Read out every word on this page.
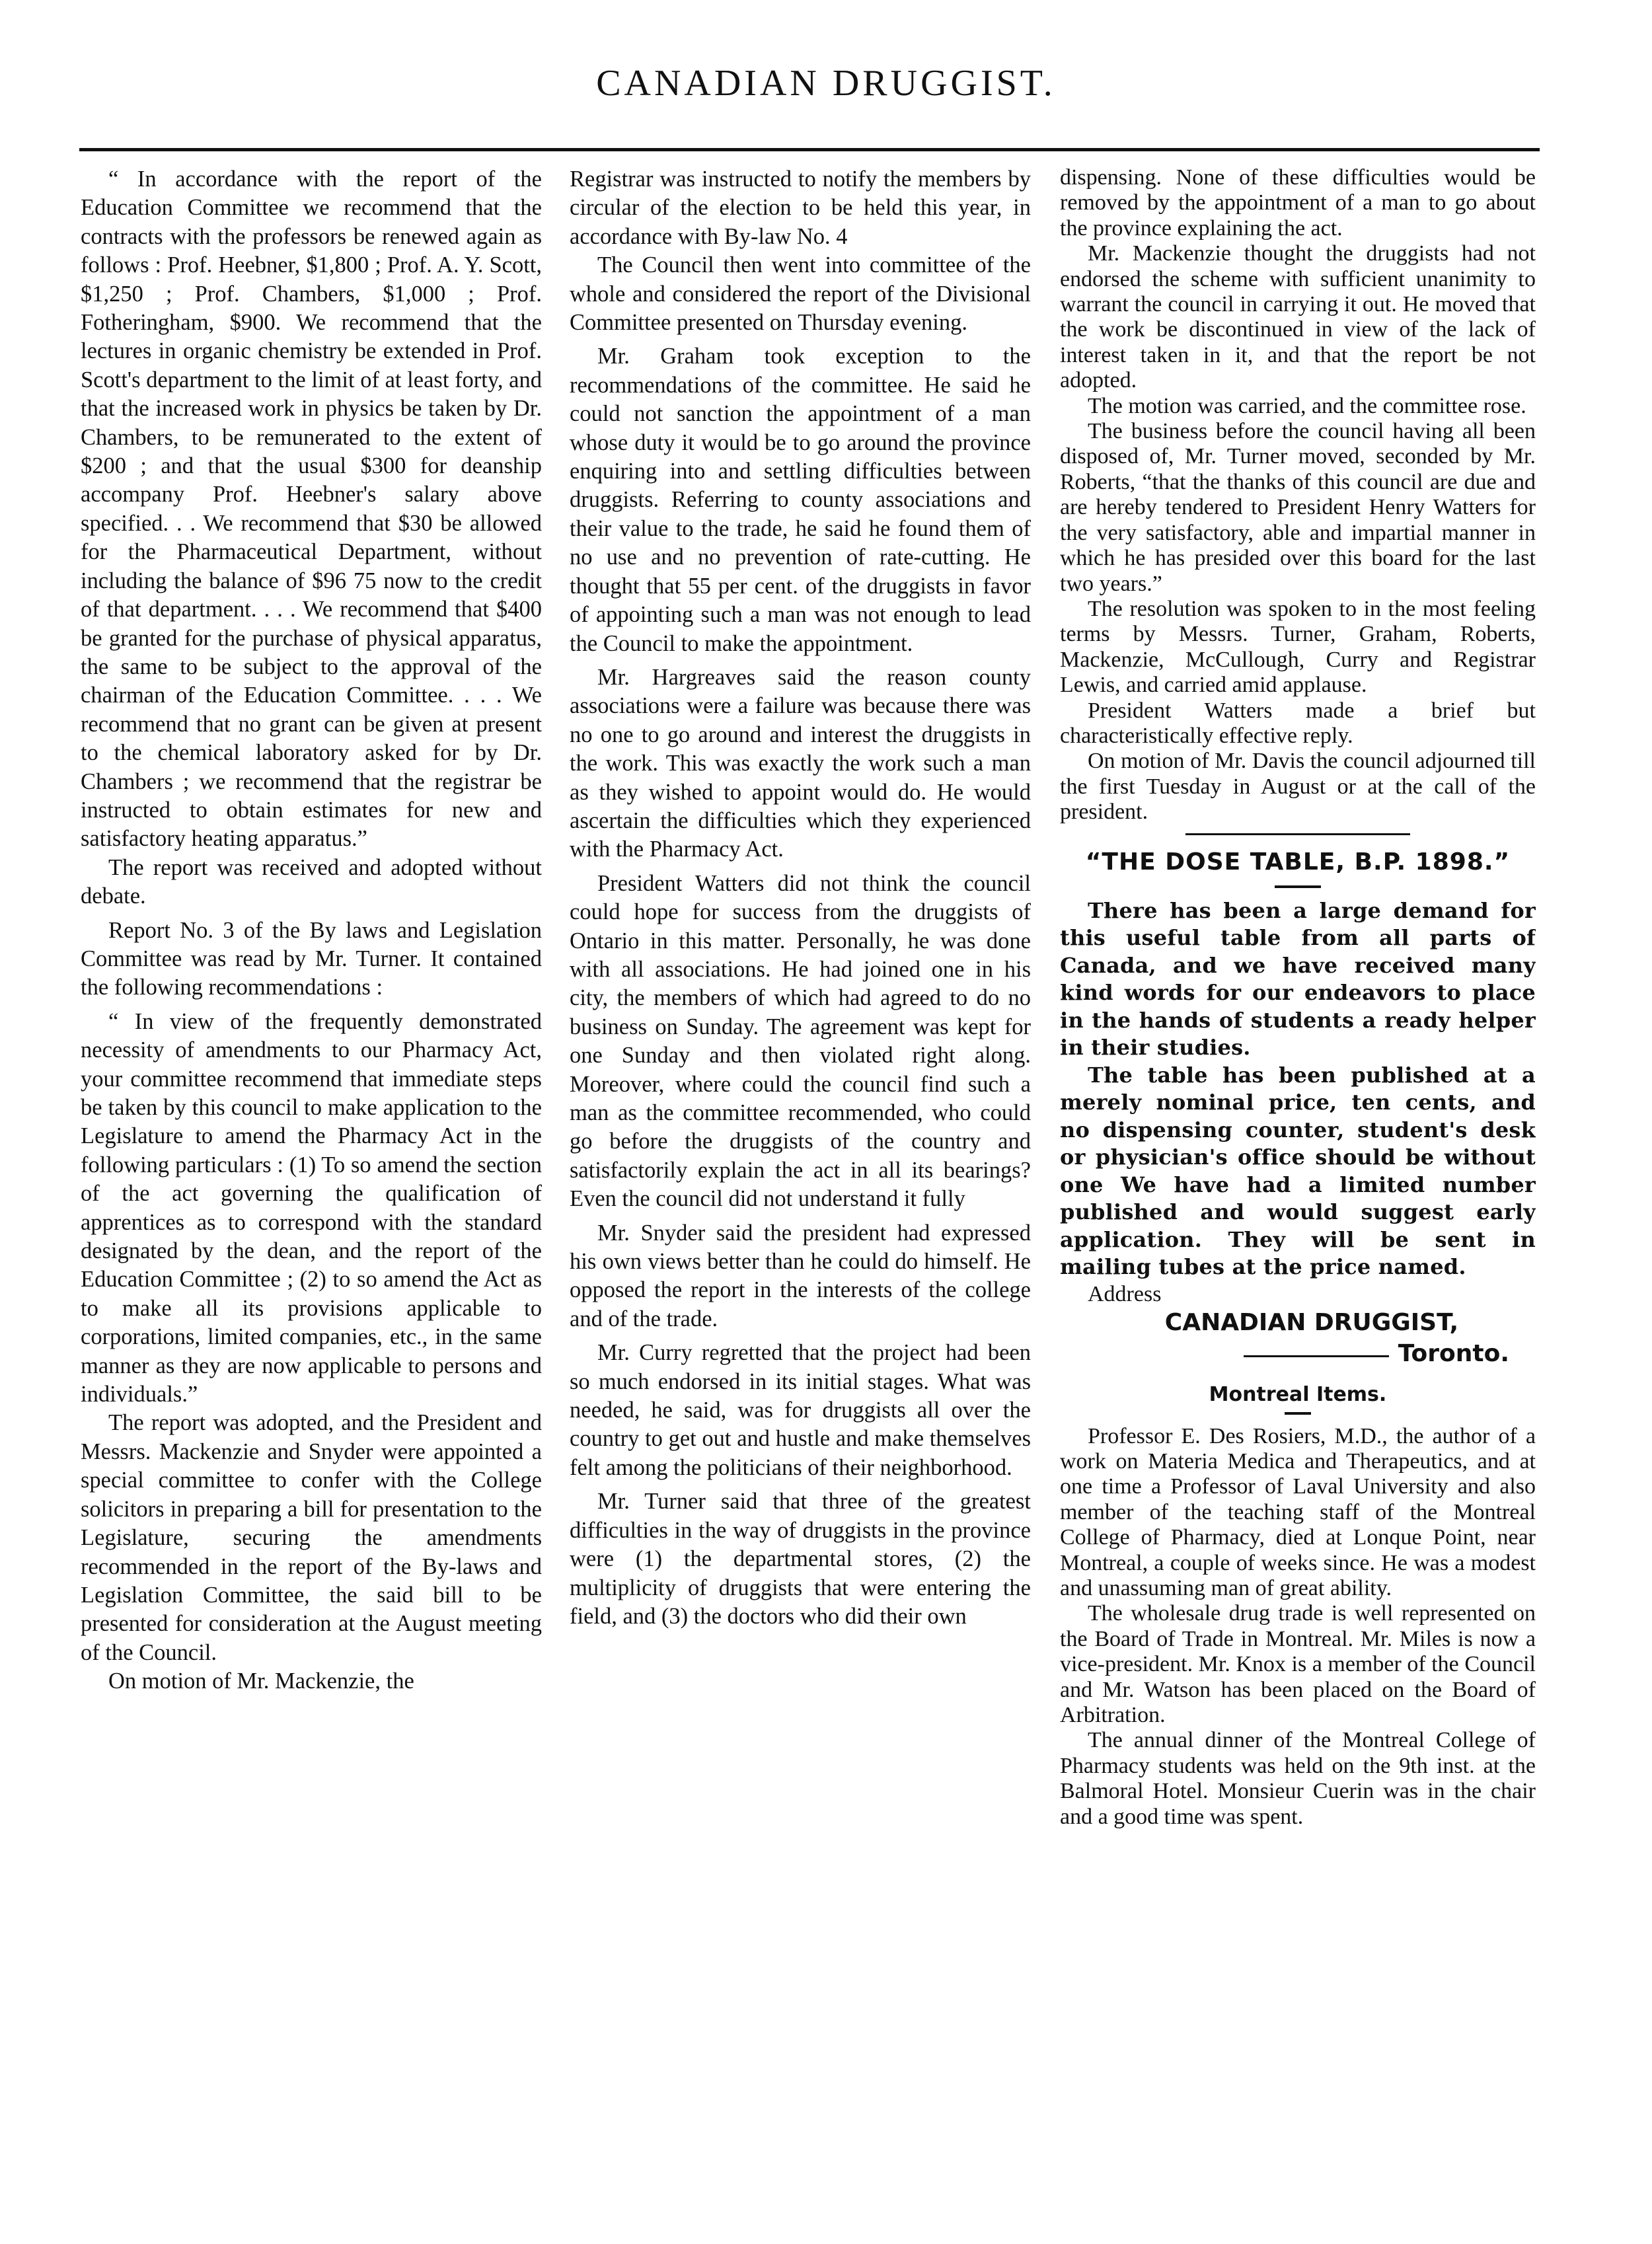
CANADIAN DRUGGIST.

“ In accordance with the report of the Education Committee we recommend that the contracts with the professors be renewed again as follows : Prof. Heebner, $1,800 ; Prof. A. Y. Scott, $1,250 ; Prof. Chambers, $1,000 ; Prof. Fotheringham, $900. We recommend that the lectures in organic chemistry be extended in Prof. Scott's department to the limit of at least forty, and that the increased work in physics be taken by Dr. Chambers, to be remunerated to the extent of $200 ; and that the usual $300 for deanship accompany Prof. Heebner's salary above specified. . . We recommend that $30 be allowed for the Pharmaceutical Department, without including the balance of $96 75 now to the credit of that department. . . . We recommend that $400 be granted for the purchase of physical apparatus, the same to be subject to the approval of the chairman of the Education Committee. . . . We recommend that no grant can be given at present to the chemical laboratory asked for by Dr. Chambers ; we recommend that the registrar be instructed to obtain estimates for new and satisfactory heating apparatus.”

The report was received and adopted without debate.

Report No. 3 of the By laws and Legislation Committee was read by Mr. Turner. It contained the following recommendations :

“ In view of the frequently demonstrated necessity of amendments to our Pharmacy Act, your committee recommend that immediate steps be taken by this council to make application to the Legislature to amend the Pharmacy Act in the following particulars : (1) To so amend the section of the act governing the qualification of apprentices as to correspond with the standard designated by the dean, and the report of the Education Committee ; (2) to so amend the Act as to make all its provisions applicable to corporations, limited companies, etc., in the same manner as they are now applicable to persons and individuals.”

The report was adopted, and the President and Messrs. Mackenzie and Snyder were appointed a special committee to confer with the College solicitors in preparing a bill for presentation to the Legislature, securing the amendments recommended in the report of the By-laws and Legislation Committee, the said bill to be presented for consideration at the August meeting of the Council.

On motion of Mr. Mackenzie, the

Registrar was instructed to notify the members by circular of the election to be held this year, in accordance with By-law No. 4

The Council then went into committee of the whole and considered the report of the Divisional Committee presented on Thursday evening.

Mr. Graham took exception to the recommendations of the committee. He said he could not sanction the appointment of a man whose duty it would be to go around the province enquiring into and settling difficulties between druggists. Referring to county associations and their value to the trade, he said he found them of no use and no prevention of rate-cutting. He thought that 55 per cent. of the druggists in favor of appointing such a man was not enough to lead the Council to make the appointment.

Mr. Hargreaves said the reason county associations were a failure was because there was no one to go around and interest the druggists in the work. This was exactly the work such a man as they wished to appoint would do. He would ascertain the difficulties which they experienced with the Pharmacy Act.

President Watters did not think the council could hope for success from the druggists of Ontario in this matter. Personally, he was done with all associations. He had joined one in his city, the members of which had agreed to do no business on Sunday. The agreement was kept for one Sunday and then violated right along. Moreover, where could the council find such a man as the committee recommended, who could go before the druggists of the country and satisfactorily explain the act in all its bearings? Even the council did not understand it fully

Mr. Snyder said the president had expressed his own views better than he could do himself. He opposed the report in the interests of the college and of the trade.

Mr. Curry regretted that the project had been so much endorsed in its initial stages. What was needed, he said, was for druggists all over the country to get out and hustle and make themselves felt among the politicians of their neighborhood.

Mr. Turner said that three of the greatest difficulties in the way of druggists in the province were (1) the departmental stores, (2) the multiplicity of druggists that were entering the field, and (3) the doctors who did their own

dispensing. None of these difficulties would be removed by the appointment of a man to go about the province explaining the act.

Mr. Mackenzie thought the druggists had not endorsed the scheme with sufficient unanimity to warrant the council in carrying it out. He moved that the work be discontinued in view of the lack of interest taken in it, and that the report be not adopted.

The motion was carried, and the committee rose.

The business before the council having all been disposed of, Mr. Turner moved, seconded by Mr. Roberts, “that the thanks of this council are due and are hereby tendered to President Henry Watters for the very satisfactory, able and impartial manner in which he has presided over this board for the last two years.”

The resolution was spoken to in the most feeling terms by Messrs. Turner, Graham, Roberts, Mackenzie, McCullough, Curry and Registrar Lewis, and carried amid applause.

President Watters made a brief but characteristically effective reply.

On motion of Mr. Davis the council adjourned till the first Tuesday in August or at the call of the president.

“THE DOSE TABLE, B.P. 1898.”

There has been a large demand for this useful table from all parts of Canada, and we have received many kind words for our endeavors to place in the hands of students a ready helper in their studies.

The table has been published at a merely nominal price, ten cents, and no dispensing counter, student's desk or physician's office should be without one We have had a limited number published and would suggest early application. They will be sent in mailing tubes at the price named.

Address

CANADIAN DRUGGIST,

Toronto.

Montreal Items.

Professor E. Des Rosiers, M.D., the author of a work on Materia Medica and Therapeutics, and at one time a Professor of Laval University and also member of the teaching staff of the Montreal College of Pharmacy, died at Lonque Point, near Montreal, a couple of weeks since. He was a modest and unassuming man of great ability.

The wholesale drug trade is well represented on the Board of Trade in Montreal. Mr. Miles is now a vice-president. Mr. Knox is a member of the Council and Mr. Watson has been placed on the Board of Arbitration.

The annual dinner of the Montreal College of Pharmacy students was held on the 9th inst. at the Balmoral Hotel. Monsieur Cuerin was in the chair and a good time was spent.
